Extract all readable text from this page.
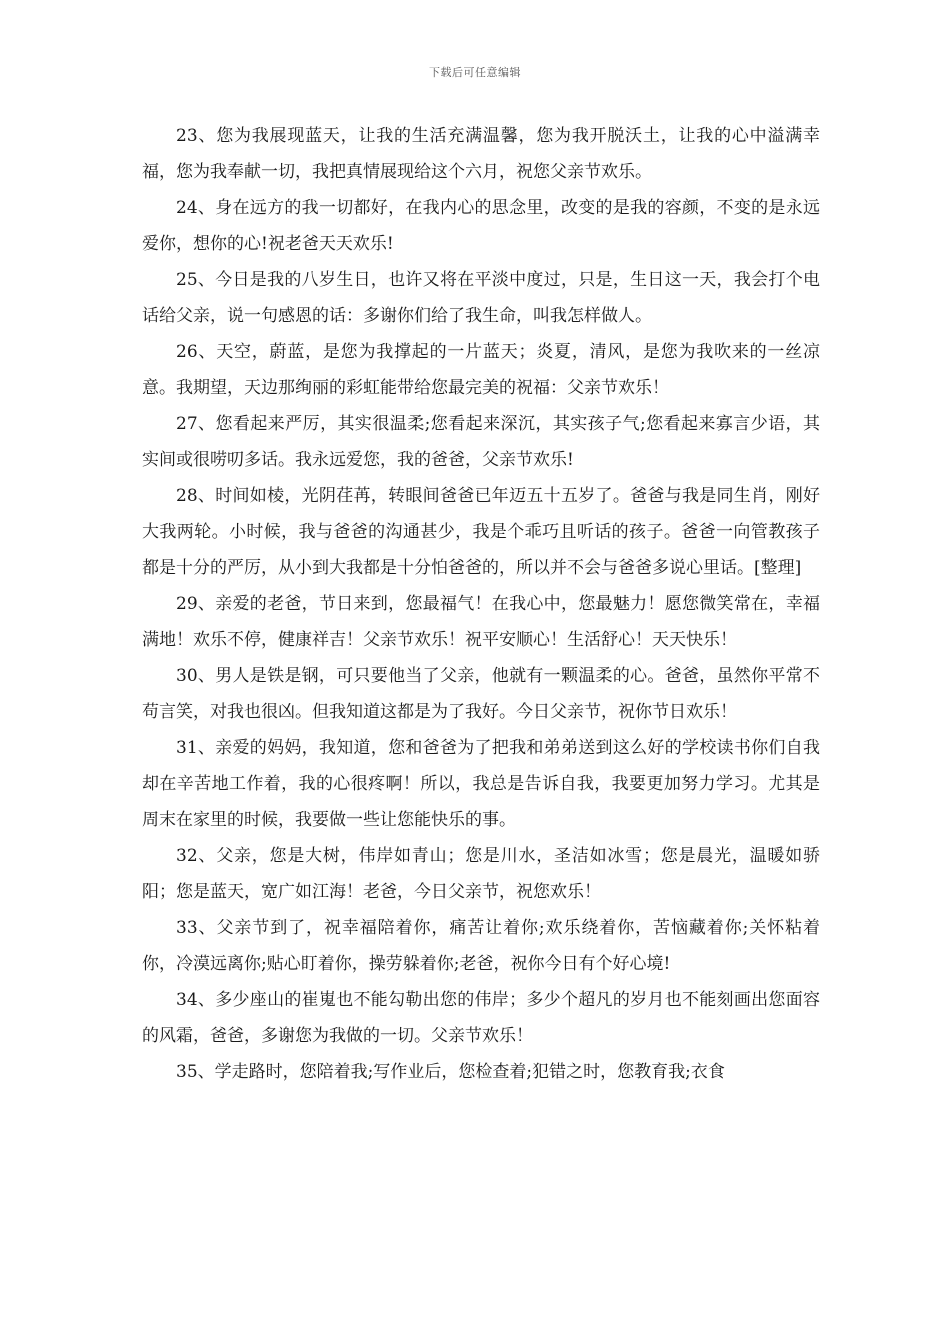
下载后可任意编辑

23、您为我展现蓝天，让我的生活充满温馨，您为我开脱沃土，让我的心中溢满幸福，您为我奉献一切，我把真情展现给这个六月，祝您父亲节欢乐。

24、身在远方的我一切都好，在我内心的思念里，改变的是我的容颜，不变的是永远爱你，想你的心!祝老爸天天欢乐!

25、今日是我的八岁生日，也许又将在平淡中度过，只是，生日这一天，我会打个电话给父亲，说一句感恩的话：多谢你们给了我生命，叫我怎样做人。

26、天空，蔚蓝，是您为我撑起的一片蓝天；炎夏，清风，是您为我吹来的一丝凉意。我期望，天边那绚丽的彩虹能带给您最完美的祝福：父亲节欢乐！

27、您看起来严厉，其实很温柔;您看起来深沉，其实孩子气;您看起来寡言少语，其实间或很唠叨多话。我永远爱您，我的爸爸，父亲节欢乐!

28、时间如棱，光阴荏苒，转眼间爸爸已年迈五十五岁了。爸爸与我是同生肖，刚好大我两轮。小时候，我与爸爸的沟通甚少，我是个乖巧且听话的孩子。爸爸一向管教孩子都是十分的严厉，从小到大我都是十分怕爸爸的，所以并不会与爸爸多说心里话。[整理]

29、亲爱的老爸，节日来到，您最福气！在我心中，您最魅力！愿您微笑常在，幸福满地！欢乐不停，健康祥吉！父亲节欢乐！祝平安顺心！生活舒心！天天快乐！

30、男人是铁是钢，可只要他当了父亲，他就有一颗温柔的心。爸爸，虽然你平常不苟言笑，对我也很凶。但我知道这都是为了我好。今日父亲节，祝你节日欢乐！

31、亲爱的妈妈，我知道，您和爸爸为了把我和弟弟送到这么好的学校读书你们自我却在辛苦地工作着，我的心很疼啊！所以，我总是告诉自我，我要更加努力学习。尤其是周末在家里的时候，我要做一些让您能快乐的事。

32、父亲，您是大树，伟岸如青山；您是川水，圣洁如冰雪；您是晨光，温暖如骄阳；您是蓝天，宽广如江海！老爸，今日父亲节，祝您欢乐！

33、父亲节到了，祝幸福陪着你，痛苦让着你;欢乐绕着你，苦恼藏着你;关怀粘着你，冷漠远离你;贴心盯着你，操劳躲着你;老爸，祝你今日有个好心境!

34、多少座山的崔嵬也不能勾勒出您的伟岸；多少个超凡的岁月也不能刻画出您面容的风霜，爸爸，多谢您为我做的一切。父亲节欢乐！

35、学走路时，您陪着我;写作业后，您检查着;犯错之时，您教育我;衣食
